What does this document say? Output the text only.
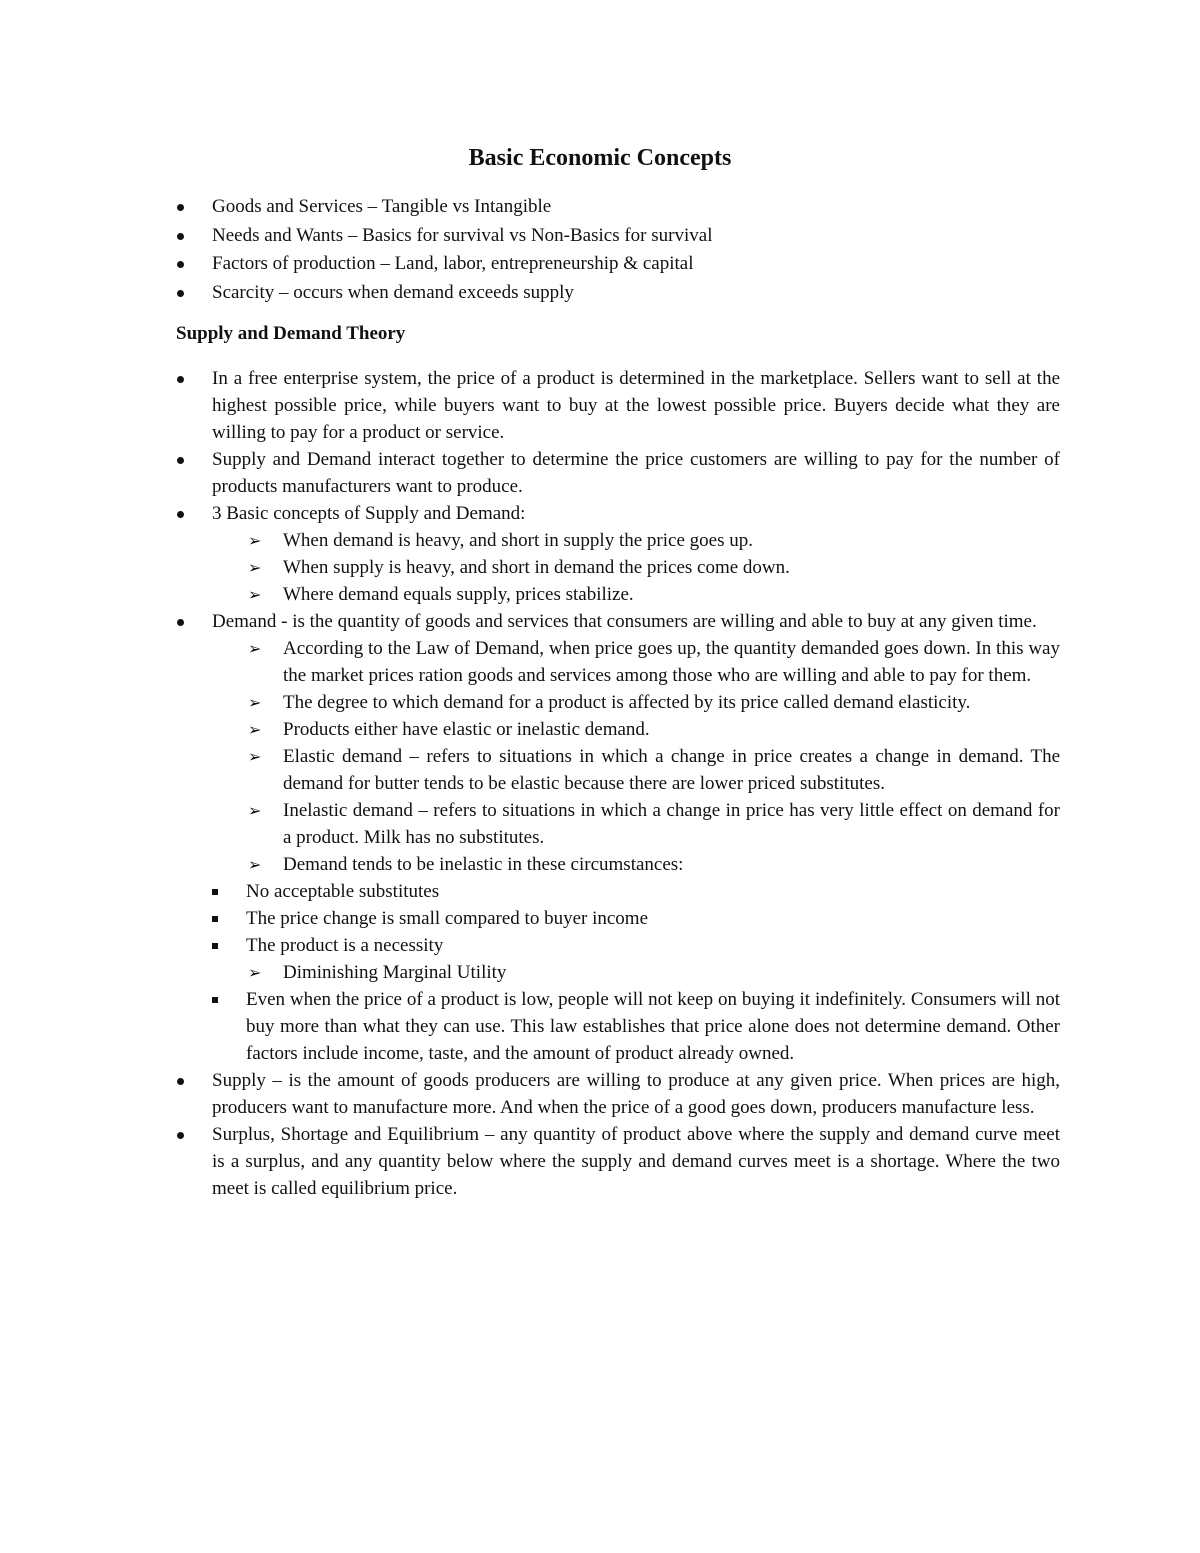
Basic Economic Concepts
Goods and Services – Tangible vs Intangible
Needs and Wants – Basics for survival vs Non-Basics for survival
Factors of production – Land, labor, entrepreneurship & capital
Scarcity – occurs when demand exceeds supply
Supply and Demand Theory
In a free enterprise system, the price of a product is determined in the marketplace. Sellers want to sell at the highest possible price, while buyers want to buy at the lowest possible price. Buyers decide what they are willing to pay for a product or service.
Supply and Demand interact together to determine the price customers are willing to pay for the number of products manufacturers want to produce.
3 Basic concepts of Supply and Demand:
➢ When demand is heavy, and short in supply the price goes up.
➢ When supply is heavy, and short in demand the prices come down.
➢ Where demand equals supply, prices stabilize.
Demand - is the quantity of goods and services that consumers are willing and able to buy at any given time.
➢ According to the Law of Demand, when price goes up, the quantity demanded goes down. In this way the market prices ration goods and services among those who are willing and able to pay for them.
➢ The degree to which demand for a product is affected by its price called demand elasticity.
➢ Products either have elastic or inelastic demand.
➢ Elastic demand – refers to situations in which a change in price creates a change in demand. The demand for butter tends to be elastic because there are lower priced substitutes.
➢ Inelastic demand – refers to situations in which a change in price has very little effect on demand for a product. Milk has no substitutes.
➢ Demand tends to be inelastic in these circumstances:
No acceptable substitutes
The price change is small compared to buyer income
The product is a necessity
➢ Diminishing Marginal Utility
Even when the price of a product is low, people will not keep on buying it indefinitely. Consumers will not buy more than what they can use. This law establishes that price alone does not determine demand. Other factors include income, taste, and the amount of product already owned.
Supply – is the amount of goods producers are willing to produce at any given price. When prices are high, producers want to manufacture more. And when the price of a good goes down, producers manufacture less.
Surplus, Shortage and Equilibrium – any quantity of product above where the supply and demand curve meet is a surplus, and any quantity below where the supply and demand curves meet is a shortage. Where the two meet is called equilibrium price.
